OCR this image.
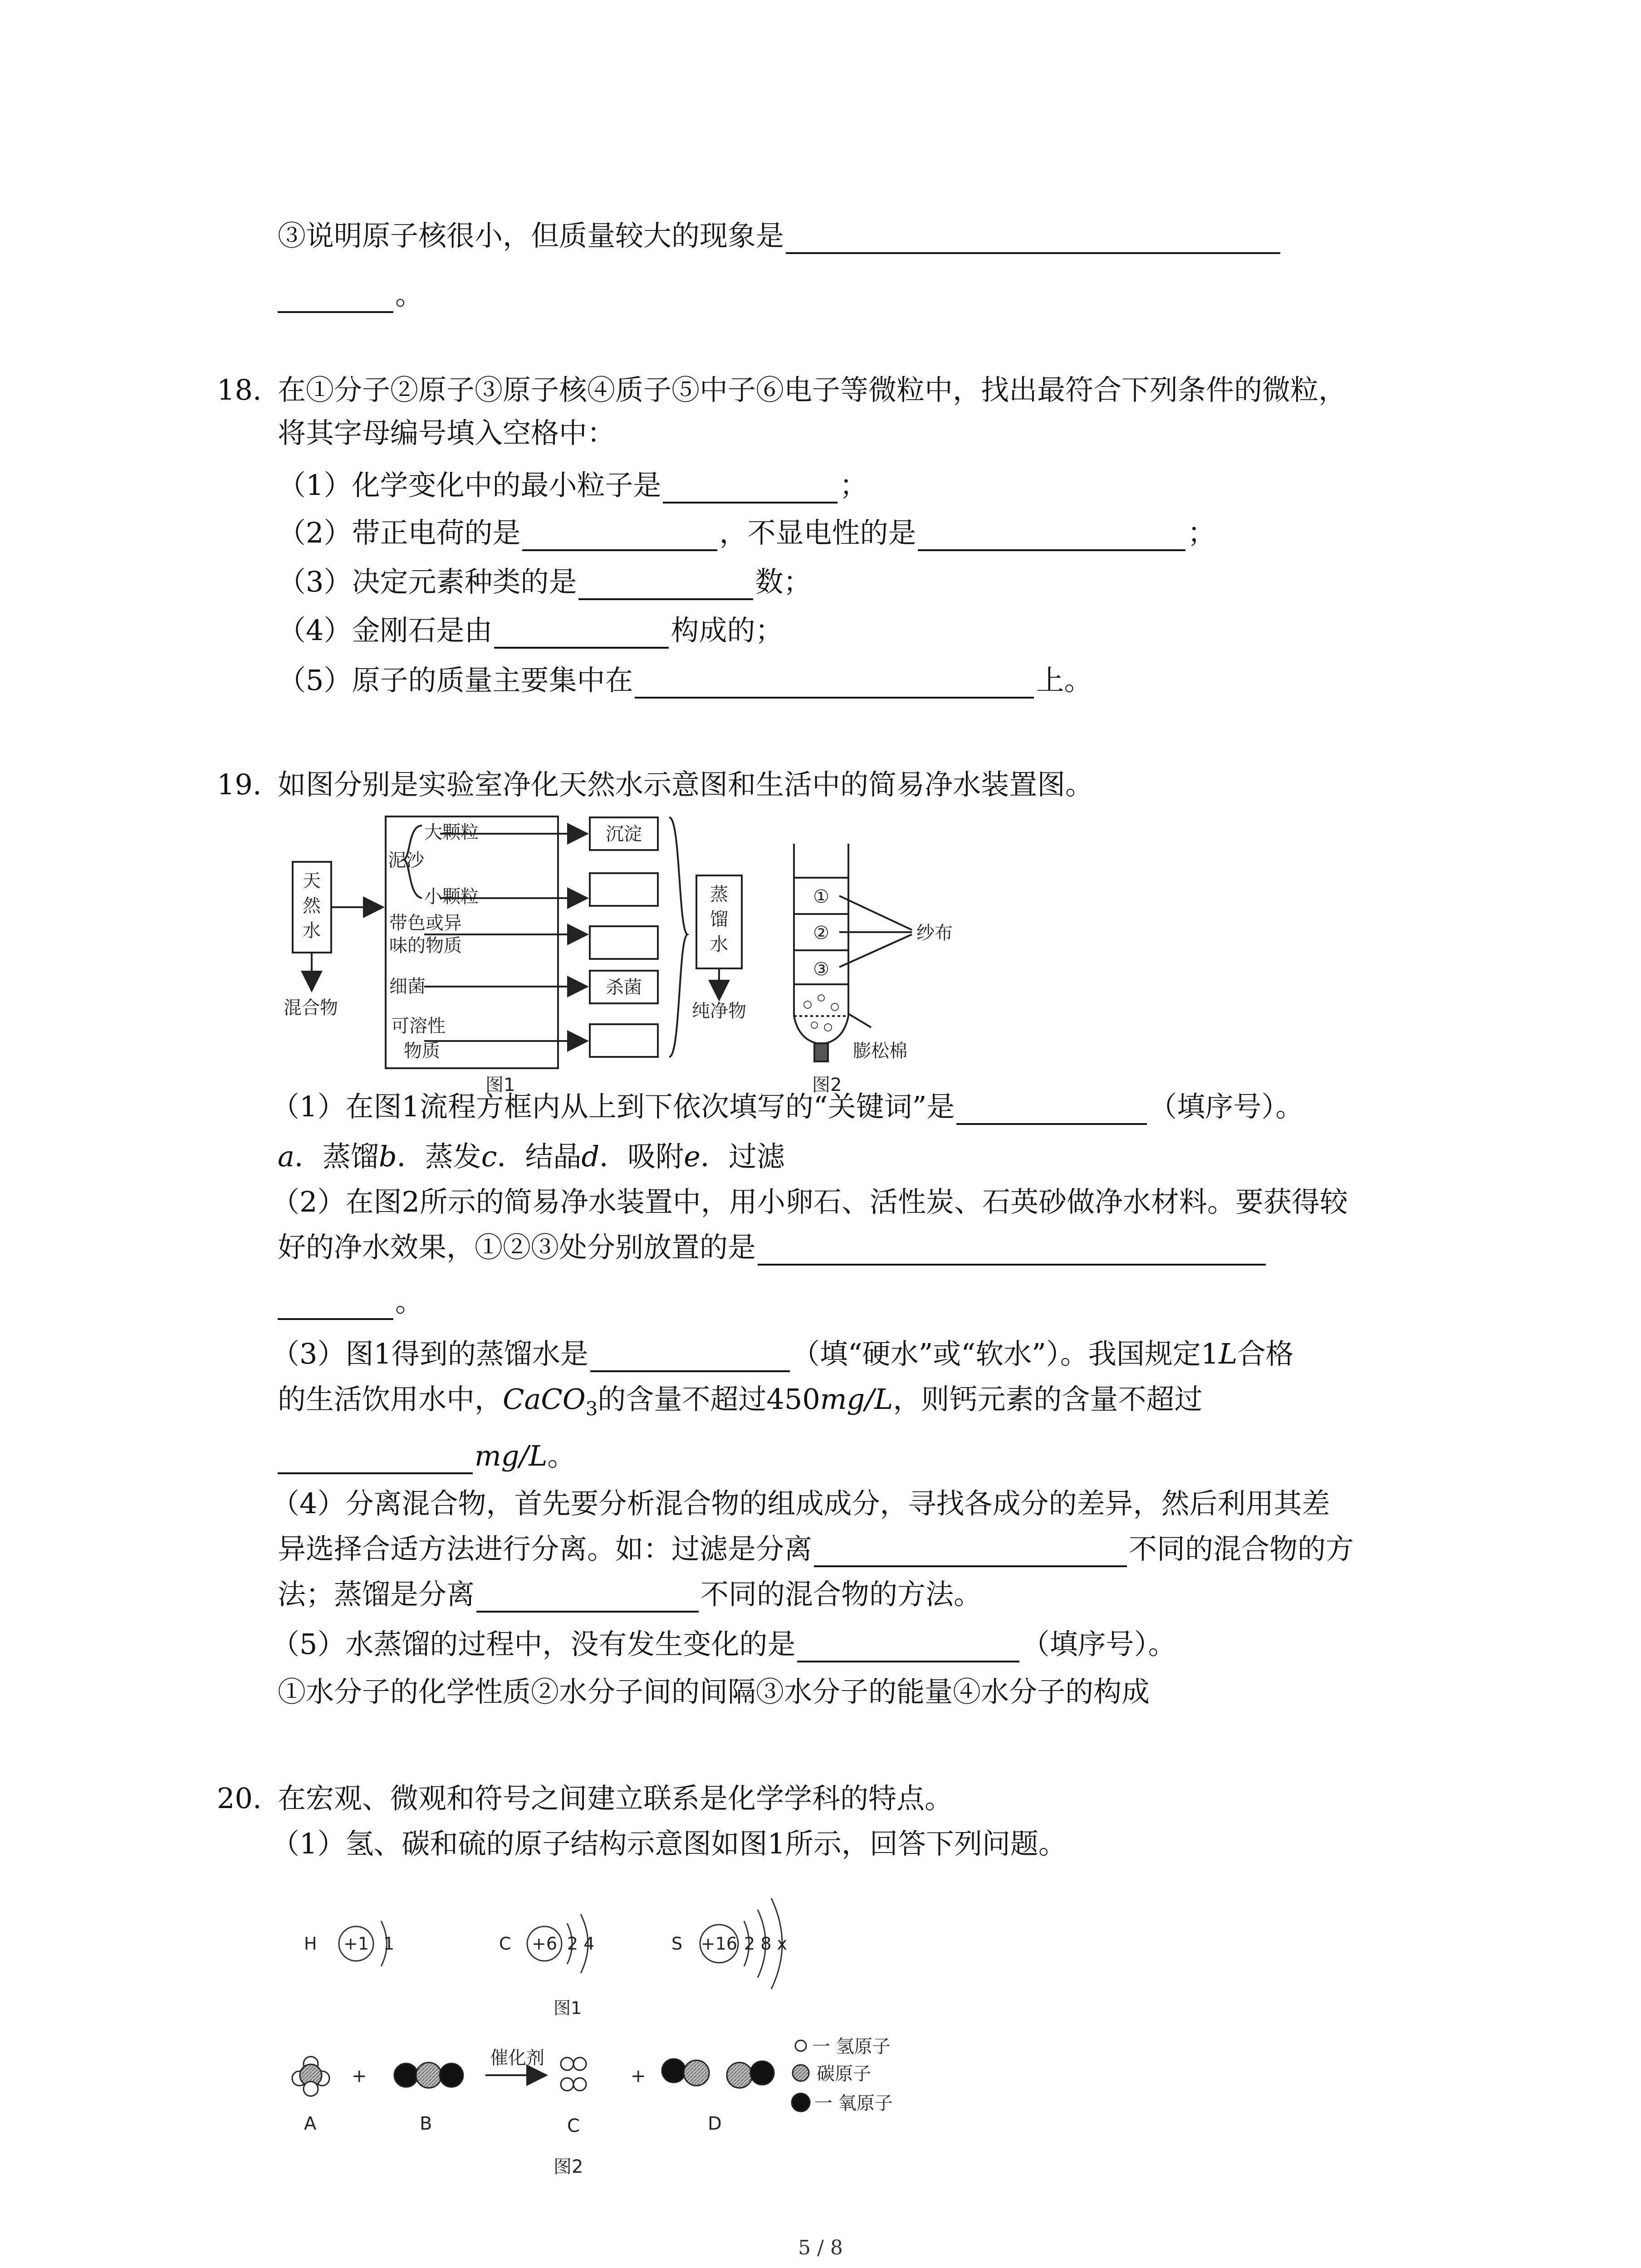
③说明原子核很小，但质量较大的现象是
。
18. 在①分子②原子③原子核④质子⑤中子⑥电子等微粒中，找出最符合下列条件的微粒，
将其字母编号填入空格中：
（1）化学变化中的最小粒子是	；
（2）带正电荷的是	，不显电性的是	；
（3）决定元素种类的是	数；
（4）金刚石是由	构成的；
（5）原子的质量主要集中在	上。
19. 如图分别是实验室净化天然水示意图和生活中的简易净水装置图。
天
然
水
混合物
泥沙
大颗粒
小颗粒
带色或异
味的物质
细菌
可溶性
物质
沉淀
杀菌
蒸
馏
水
纯净物
图1
①
②
③
纱布
膨松棉
图2
（1）在图1流程方框内从上到下依次填写的“关键词”是	（填序号）。
a．蒸馏b．蒸发c．结晶d．吸附e．过滤
（2）在图2所示的简易净水装置中，用小卵石、活性炭、石英砂做净水材料。要获得较
好的净水效果，①②③处分别放置的是
。
（3）图1得到的蒸馏水是	（填“硬水”或“软水”）。我国规定1L合格
的生活饮用水中，CaCO$_3$的含量不超过450mg/L，则钙元素的含量不超过
mg/L。
（4）分离混合物，首先要分析混合物的组成成分，寻找各成分的差异，然后利用其差
异选择合适方法进行分离。如：过滤是分离	不同的混合物的方
法；蒸馏是分离	不同的混合物的方法。
（5）水蒸馏的过程中，没有发生变化的是	（填序号）。
①水分子的化学性质②水分子间的间隔③水分子的能量④水分子的构成
20. 在宏观、微观和符号之间建立联系是化学学科的特点。
（1）氢、碳和硫的原子结构示意图如图1所示，回答下列问题。
H +1 1	C +6 2 4	S +16 2 8 x
图1
+	+
催化剂
A	B	C	D
一 氢原子
碳原子
一 氧原子
图2
5 / 8
